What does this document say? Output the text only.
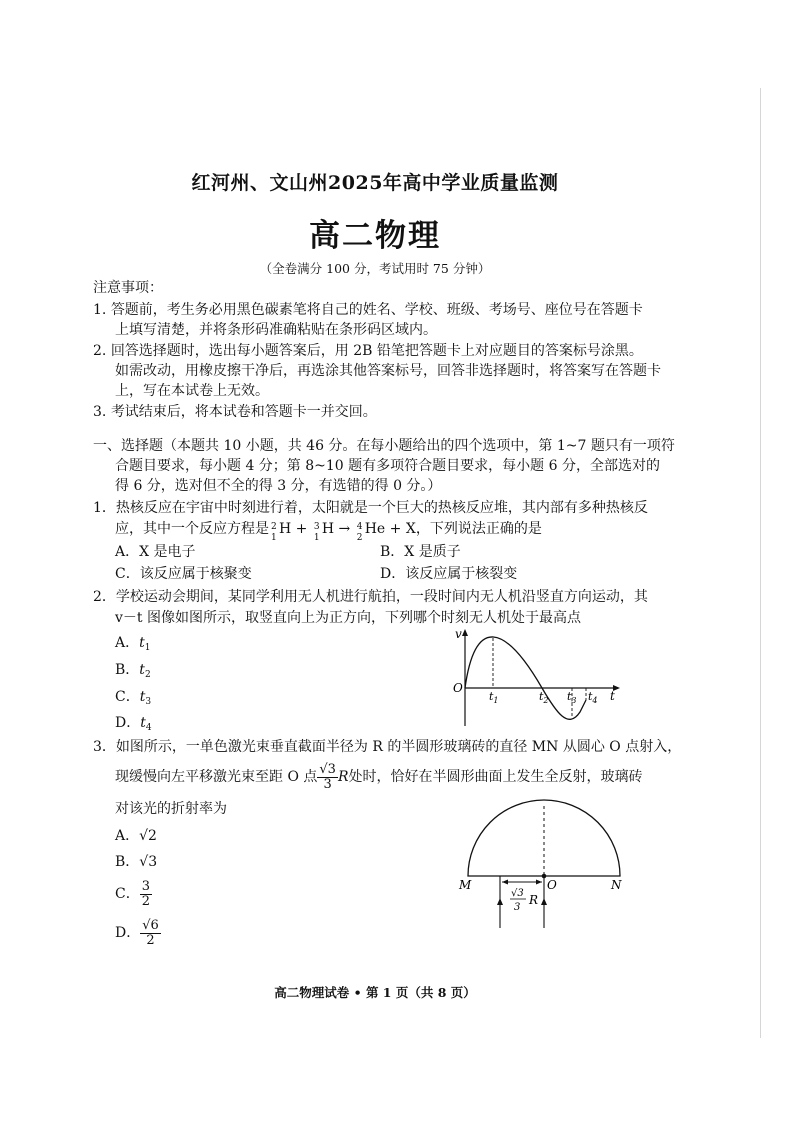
红河州、文山州2025年高中学业质量监测
高二物理
（全卷满分 100 分，考试用时 75 分钟）
注意事项：
1. 答题前，考生务必用黑色碳素笔将自己的姓名、学校、班级、考场号、座位号在答题卡
上填写清楚，并将条形码准确粘贴在条形码区域内。
2. 回答选择题时，选出每小题答案后，用 2B 铅笔把答题卡上对应题目的答案标号涂黑。
如需改动，用橡皮擦干净后，再选涂其他答案标号，回答非选择题时，将答案写在答题卡
上，写在本试卷上无效。
3. 考试结束后，将本试卷和答题卡一并交回。
一、选择题（本题共 10 小题，共 46 分。在每小题给出的四个选项中，第 1~7 题只有一项符
合题目要求，每小题 4 分；第 8~10 题有多项符合题目要求，每小题 6 分，全部选对的
得 6 分，选对但不全的得 3 分，有选错的得 0 分。）
1．热核反应在宇宙中时刻进行着，太阳就是一个巨大的热核反应堆，其内部有多种热核反
应，其中一个反应方程是 2
1
H + 3
1
H → 4
2
He + X，下列说法正确的是
A．X 是电子	B．X 是质子
C．该反应属于核聚变	D．该反应属于核裂变
2．学校运动会期间，某同学利用无人机进行航拍，一段时间内无人机沿竖直方向运动，其
v－t 图像如图所示，取竖直向上为正方向，下列哪个时刻无人机处于最高点
A．$t_1$
B．$t_2$
C．$t_3$
D．$t_4$
v
O
t
$t_1$	$t_2$ $t_3$ $t_4$
3．如图所示，一单色激光束垂直截面半径为 R 的半圆形玻璃砖的直径 MN 从圆心 O 点射入，
现缓慢向左平移激光束至距 O 点 $\frac{√3}{3}$ R处时，恰好在半圆形曲面上发生全反射，玻璃砖
对该光的折射率为
A．√2
B．√3
C． $\frac{3}{2}$
D． $\frac{√6}{2}$
M	O	N
√3
3
R
高二物理试卷 • 第 1 页（共 8 页）
